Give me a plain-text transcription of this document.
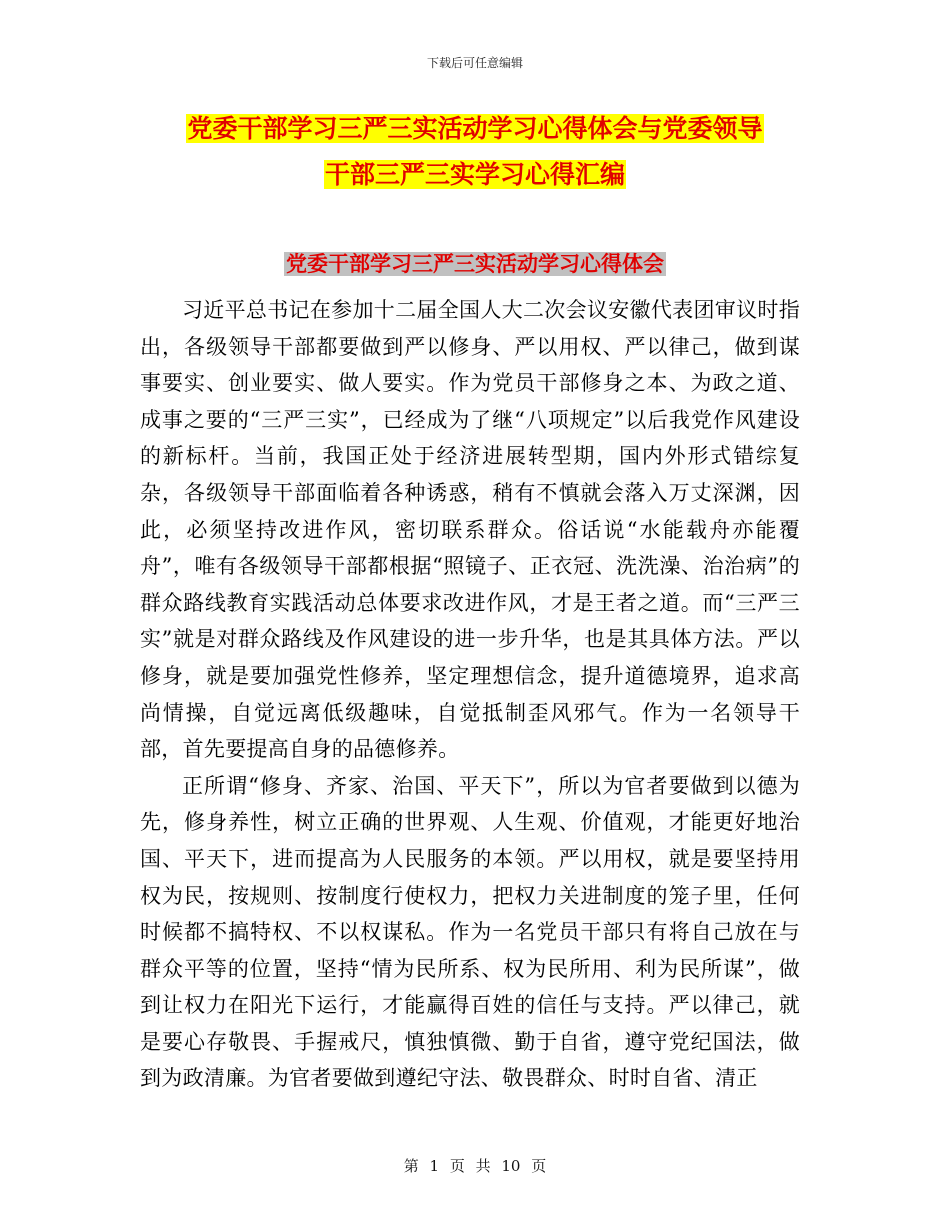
下载后可任意编辑
党委干部学习三严三实活动学习心得体会与党委领导
干部三严三实学习心得汇编
党委干部学习三严三实活动学习心得体会

习近平总书记在参加十二届全国人大二次会议安徽代表团审议时指出，各级领导干部都要做到严以修身、严以用权、严以律己，做到谋事要实、创业要实、做人要实。作为党员干部修身之本、为政之道、成事之要的“三严三实”，已经成为了继“八项规定”以后我党作风建设的新标杆。当前，我国正处于经济进展转型期，国内外形式错综复杂，各级领导干部面临着各种诱惑，稍有不慎就会落入万丈深渊，因此，必须坚持改进作风，密切联系群众。俗话说“水能载舟亦能覆舟”，唯有各级领导干部都根据“照镜子、正衣冠、洗洗澡、治治病”的群众路线教育实践活动总体要求改进作风，才是王者之道。而“三严三实”就是对群众路线及作风建设的进一步升华，也是其具体方法。严以修身，就是要加强党性修养，坚定理想信念，提升道德境界，追求高尚情操，自觉远离低级趣味，自觉抵制歪风邪气。作为一名领导干部，首先要提高自身的品德修养。

正所谓“修身、齐家、治国、平天下”，所以为官者要做到以德为先，修身养性，树立正确的世界观、人生观、价值观，才能更好地治国、平天下，进而提高为人民服务的本领。严以用权，就是要坚持用权为民，按规则、按制度行使权力，把权力关进制度的笼子里，任何时候都不搞特权、不以权谋私。作为一名党员干部只有将自己放在与群众平等的位置，坚持“情为民所系、权为民所用、利为民所谋”，做到让权力在阳光下运行，才能赢得百姓的信任与支持。严以律己，就是要心存敬畏、手握戒尺，慎独慎微、勤于自省，遵守党纪国法，做到为政清廉。为官者要做到遵纪守法、敬畏群众、时时自省、清正

第 1 页 共 10 页
